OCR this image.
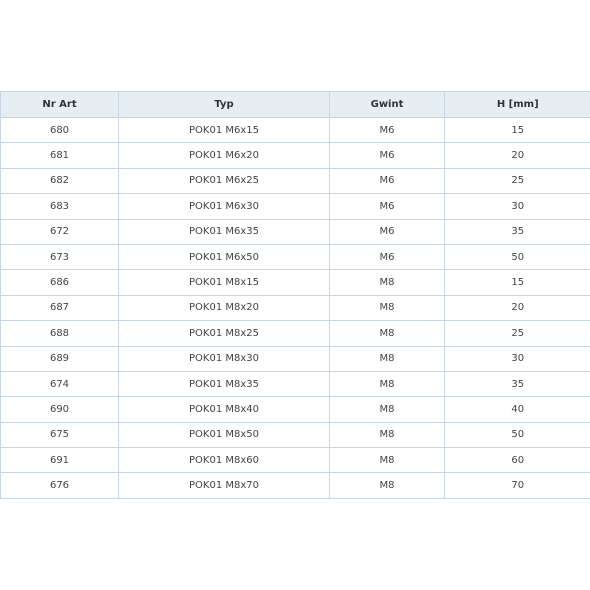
Nr Art	Typ	Gwint	H [mm]
680	POK01 M6x15	M6	15
681	POK01 M6x20	M6	20
682	POK01 M6x25	M6	25
683	POK01 M6x30	M6	30
672	POK01 M6x35	M6	35
673	POK01 M6x50	M6	50
686	POK01 M8x15	M8	15
687	POK01 M8x20	M8	20
688	POK01 M8x25	M8	25
689	POK01 M8x30	M8	30
674	POK01 M8x35	M8	35
690	POK01 M8x40	M8	40
675	POK01 M8x50	M8	50
691	POK01 M8x60	M8	60
676	POK01 M8x70	M8	70
